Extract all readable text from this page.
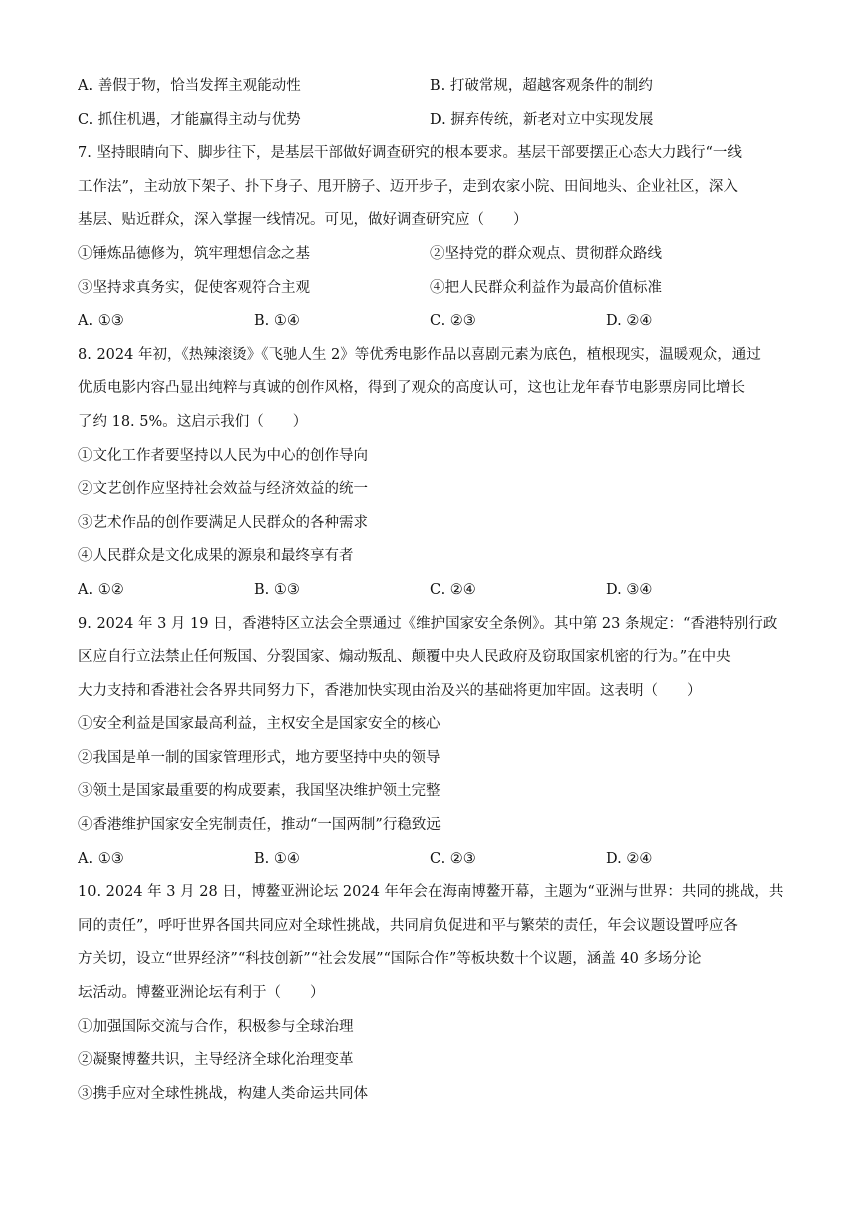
A. 善假于物，恰当发挥主观能动性	B. 打破常规，超越客观条件的制约
C. 抓住机遇，才能赢得主动与优势	D. 摒弃传统，新老对立中实现发展
7. 坚持眼睛向下、脚步往下，是基层干部做好调查研究的根本要求。基层干部要摆正心态大力践行“一线
工作法”，主动放下架子、扑下身子、甩开膀子、迈开步子，走到农家小院、田间地头、企业社区，深入
基层、贴近群众，深入掌握一线情况。可见，做好调查研究应（　　）
①锤炼品德修为，筑牢理想信念之基	②坚持党的群众观点、贯彻群众路线
③坚持求真务实，促使客观符合主观	④把人民群众利益作为最高价值标准
A. ①③	B. ①④	C. ②③	D. ②④
8. 2024 年初，《热辣滚烫》《飞驰人生 2》等优秀电影作品以喜剧元素为底色，植根现实，温暖观众，通过
优质电影内容凸显出纯粹与真诚的创作风格，得到了观众的高度认可，这也让龙年春节电影票房同比增长
了约 18. 5%。这启示我们（　　）
①文化工作者要坚持以人民为中心的创作导向
②文艺创作应坚持社会效益与经济效益的统一
③艺术作品的创作要满足人民群众的各种需求
④人民群众是文化成果的源泉和最终享有者
A. ①②	B. ①③	C. ②④	D. ③④
9. 2024 年 3 月 19 日，香港特区立法会全票通过《维护国家安全条例》。其中第 23 条规定：“香港特别行政
区应自行立法禁止任何叛国、分裂国家、煽动叛乱、颠覆中央人民政府及窃取国家机密的行为。”在中央
大力支持和香港社会各界共同努力下，香港加快实现由治及兴的基础将更加牢固。这表明（　　）
①安全利益是国家最高利益，主权安全是国家安全的核心
②我国是单一制的国家管理形式，地方要坚持中央的领导
③领土是国家最重要的构成要素，我国坚决维护领土完整
④香港维护国家安全宪制责任，推动“一国两制”行稳致远
A. ①③	B. ①④	C. ②③	D. ②④
10. 2024 年 3 月 28 日，博鳌亚洲论坛 2024 年年会在海南博鳌开幕，主题为“亚洲与世界：共同的挑战，共
同的责任”，呼吁世界各国共同应对全球性挑战，共同肩负促进和平与繁荣的责任，年会议题设置呼应各
方关切，设立“世界经济”“科技创新”“社会发展”“国际合作”等板块数十个议题，涵盖 40 多场分论
坛活动。博鳌亚洲论坛有利于（　　）
①加强国际交流与合作，积极参与全球治理
②凝聚博鳌共识，主导经济全球化治理变革
③携手应对全球性挑战，构建人类命运共同体
